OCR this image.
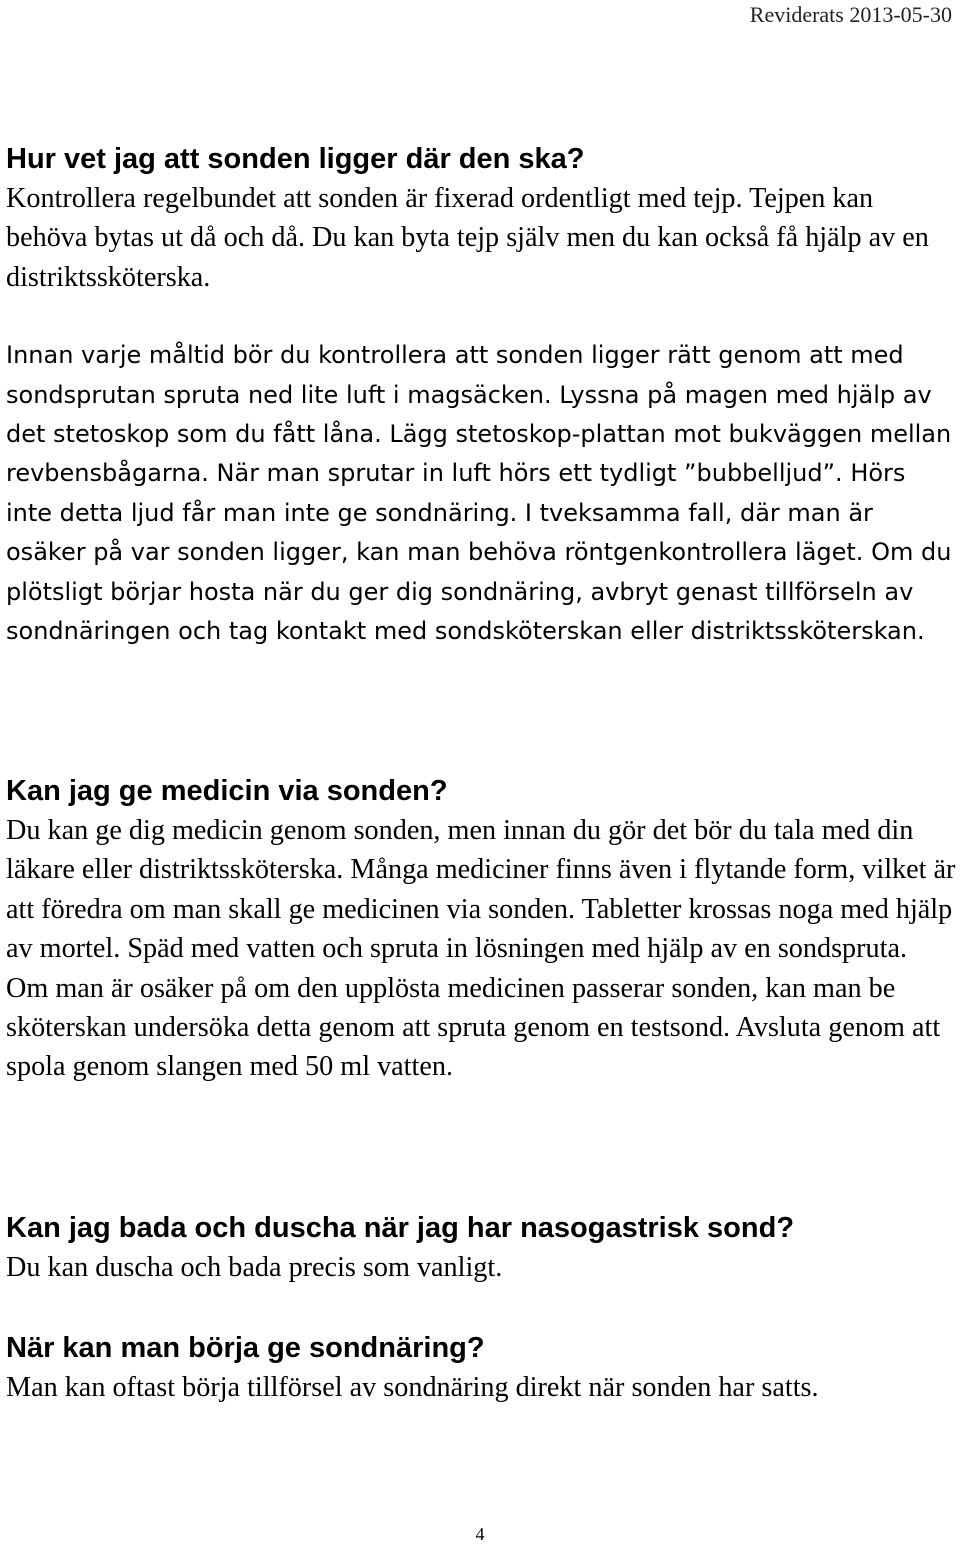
Reviderats 2013-05-30
Hur vet jag att sonden ligger där den ska?

Kontrollera regelbundet att sonden är fixerad ordentligt med tejp. Tejpen kan behöva bytas ut då och då. Du kan byta tejp själv men du kan också få hjälp av en distriktssköterska.

Innan varje måltid bör du kontrollera att sonden ligger rätt genom att med sondsprutan spruta ned lite luft i magsäcken. Lyssna på magen med hjälp av det stetoskop som du fått låna. Lägg stetoskop-plattan mot bukväggen mellan revbensbågarna. När man sprutar in luft hörs ett tydligt ”bubbelljud”. Hörs inte detta ljud får man inte ge sondnäring. I tveksamma fall, där man är osäker på var sonden ligger, kan man behöva röntgenkontrollera läget. Om du plötsligt börjar hosta när du ger dig sondnäring, avbryt genast tillförseln av sondnäringen och tag kontakt med sondsköterskan eller distriktssköterskan.

Kan jag ge medicin via sonden?

Du kan ge dig medicin genom sonden, men innan du gör det bör du tala med din läkare eller distriktssköterska. Många mediciner finns även i flytande form, vilket är att föredra om man skall ge medicinen via sonden. Tabletter krossas noga med hjälp av mortel. Späd med vatten och spruta in lösningen med hjälp av en sondspruta. Om man är osäker på om den upplösta medicinen passerar sonden, kan man be sköterskan undersöka detta genom att spruta genom en testsond. Avsluta genom att spola genom slangen med 50 ml vatten.

Kan jag bada och duscha när jag har nasogastrisk sond?

Du kan duscha och bada precis som vanligt.

När kan man börja ge sondnäring?

Man kan oftast börja tillförsel av sondnäring direkt när sonden har satts.

4
